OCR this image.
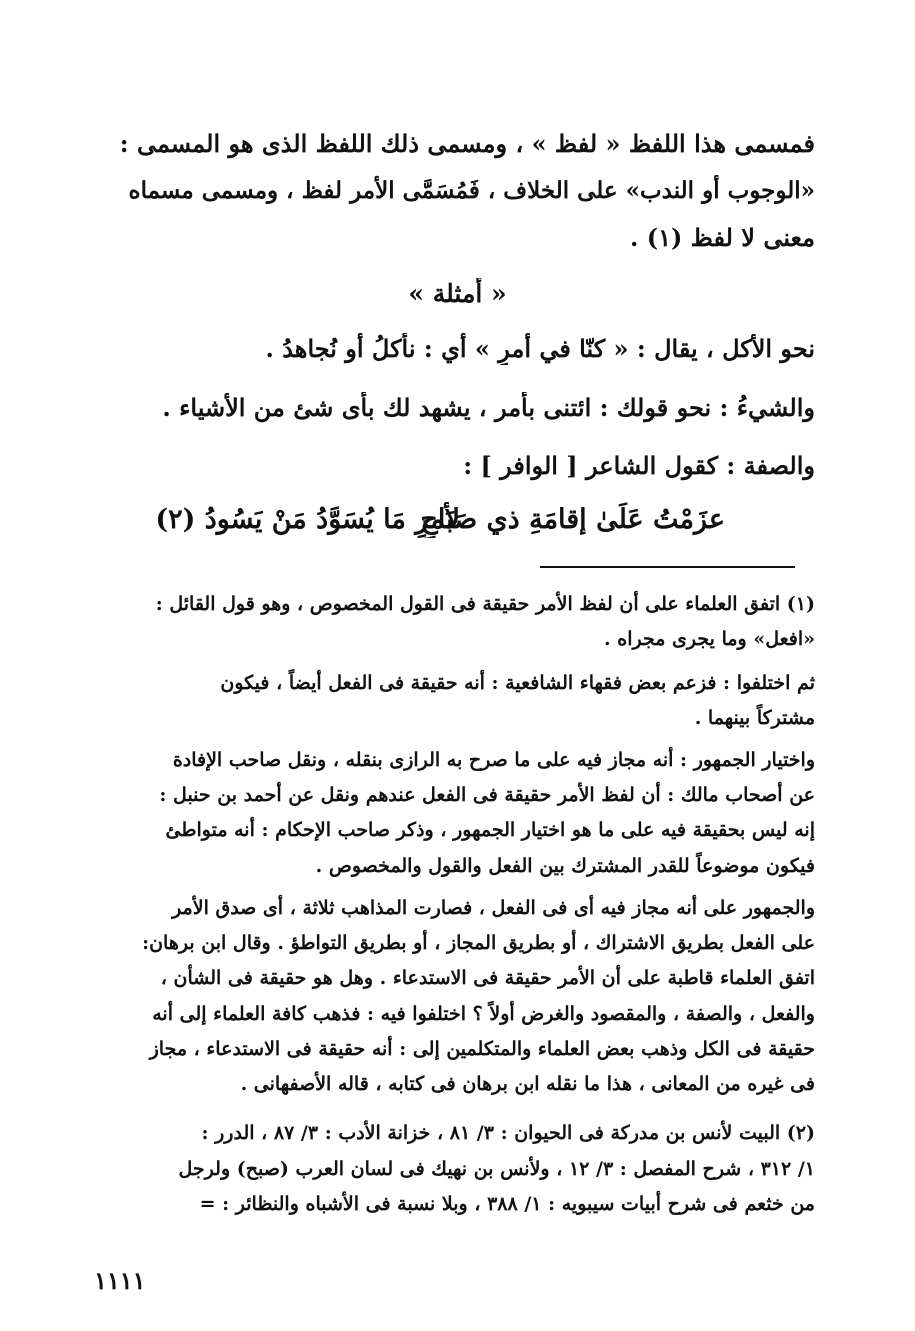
فمسمى هذا اللفظ « لفظ » ، ومسمى ذلك اللفظ الذى هو المسمى :
«الوجوب أو الندب» على الخلاف ، فَمُسَمَّى الأمر لفظ ، ومسمى مسماه
معنى لا لفظ (١) .
« أمثلة »
نحو الأكل ، يقال : « كنّا في أمرٍ » أي : نأكلُ أو نُجاهدُ .
والشيءُ : نحو قولك : ائتنى بأمر ، يشهد لك بأى شئ من الأشياء .
والصفة : كقول الشاعر [ الوافر ] :
عزَمْتُ عَلَىٰ إقامَةِ ذي صَبَاحٍ
لأمرٍ مَا يُسَوَّدُ مَنْ يَسُودُ (٢)
(١) اتفق العلماء على أن لفظ الأمر حقيقة فى القول المخصوص ، وهو قول القائل :
«افعل» وما يجرى مجراه .
ثم اختلفوا : فزعم بعض فقهاء الشافعية : أنه حقيقة فى الفعل أيضاً ، فيكون
مشتركاً بينهما .
واختيار الجمهور : أنه مجاز فيه على ما صرح به الرازى بنقله ، ونقل صاحب الإفادة
عن أصحاب مالك : أن لفظ الأمر حقيقة فى الفعل عندهم ونقل عن أحمد بن حنبل :
إنه ليس بحقيقة فيه على ما هو اختيار الجمهور ، وذكر صاحب الإحكام : أنه متواطئ
فيكون موضوعاً للقدر المشترك بين الفعل والقول والمخصوص .
والجمهور على أنه مجاز فيه أى فى الفعل ، فصارت المذاهب ثلاثة ، أى صدق الأمر
على الفعل بطريق الاشتراك ، أو بطريق المجاز ، أو بطريق التواطؤ . وقال ابن برهان:
اتفق العلماء قاطبة على أن الأمر حقيقة فى الاستدعاء . وهل هو حقيقة فى الشأن ،
والفعل ، والصفة ، والمقصود والغرض أولاً ؟ اختلفوا فيه : فذهب كافة العلماء إلى أنه
حقيقة فى الكل وذهب بعض العلماء والمتكلمين إلى : أنه حقيقة فى الاستدعاء ، مجاز
فى غيره من المعانى ، هذا ما نقله ابن برهان فى كتابه ، قاله الأصفهانى .
(٢) البيت لأنس بن مدركة فى الحيوان : ٣/ ٨١ ، خزانة الأدب : ٣/ ٨٧ ، الدرر :
١/ ٣١٢ ، شرح المفصل : ٣/ ١٢ ، ولأنس بن نهيك فى لسان العرب (صبح) ولرجل
من خثعم فى شرح أبيات سيبويه : ١/ ٣٨٨ ، وبلا نسبة فى الأشباه والنظائر : =
١١١١
